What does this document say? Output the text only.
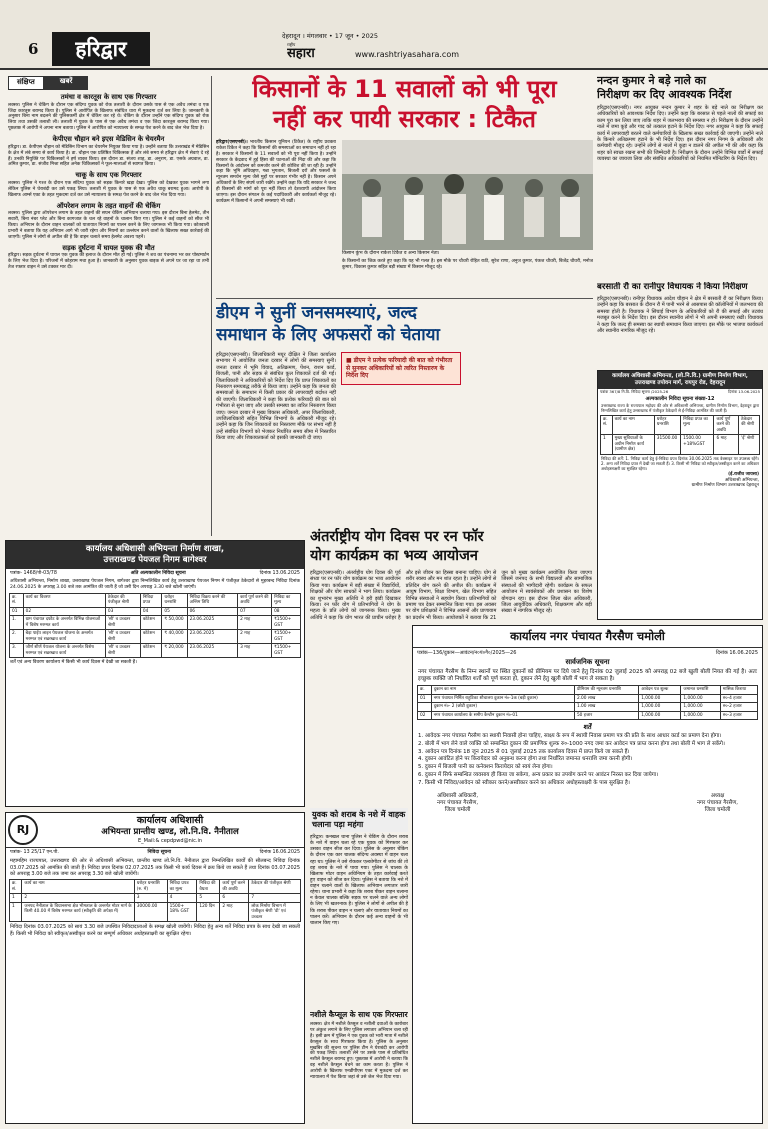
6	हरिद्वार
देहरादून । मंगलवार • 17 जून • 2025
राष्ट्रीय
सहारा	www.rashtriyasahara.com
संक्षिप्त	खबरें
तमंचा व कारतूस के साथ एक गिरफ्तार
लक्सर। पुलिस ने चेकिंग के दौरान एक संदिग्ध युवक को रोक तलाशी के दौरान उसके पास से एक अवैध तमंचा व एक जिंदा कारतूस बरामद किया है। पुलिस ने आरोपित के खिलाफ संबंधित धारा में मुकदमा दर्ज कर लिया है। जानकारी के अनुसार बिना नाम बदलने की पुलिसकर्मी क्षेत्र में चेकिंग कर रहे थे। चेकिंग के दौरान उन्होंने एक संदिग्ध युवक को रोक लिया तथा उसकी तलाशी ली। तलाशी में युवक के पास से एक अवैध तमंचा व एक जिंदा कारतूस बरामद किया गया। पूछताछ में आरोपी ने अपना नाम बताया। पुलिस ने आरोपित को न्यायालय के समक्ष पेश करने के बाद जेल भेज दिया है।
केपीएस चौहान बने इएस मेडिसिन के चेयरमैन
हरिद्वार। डा. केपीएस चौहान को मेडिसिन विभाग का चेयरमैन नियुक्त किया गया है। उन्होंने बताया कि उत्तराखंड में मेडिसिन के क्षेत्र में लंबे समय से कार्य किया है। डा. चौहान एक प्रतिष्ठित चिकित्सक हैं और लंबे समय से हरिद्वार क्षेत्र में सेवाएं दे रहे हैं। उनकी नियुक्ति पर चिकित्सकों ने हर्ष व्यक्त किया। इस दौरान डा. संजय शाह, डा. अनुराग, डा. एसके अग्रवाल, डा. अमित कुमार, डा. संजीव मिश्रा सहित अनेक चिकित्सकों ने फूल-मालाओं से स्वागत किया।
चाकू के साथ एक गिरफ्तार
लक्सर। पुलिस ने गश्त के दौरान एक संदिग्ध युवक को सड़क किनारे खड़ा देखा। पुलिस को देखकर युवक भागने लगा लेकिन पुलिस ने घेराबंदी कर उसे पकड़ लिया। तलाशी में युवक के पास से एक अवैध चाकू बरामद हुआ। आरोपी के खिलाफ आर्म्स एक्ट के तहत मुकदमा दर्ज कर उसे न्यायालय के समक्ष पेश करने के बाद जेल भेज दिया गया।
ऑपरेशन लगाम के तहत वाहनों की चेकिंग
लक्सर। पुलिस द्वारा ऑपरेशन लगाम के तहत वाहनों की सघन चेकिंग अभियान चलाया गया। इस दौरान बिना हेलमेट, तीन सवारी, बिना नंबर प्लेट और बिना कागजात के चल रहे वाहनों के चालान किए गए। पुलिस ने कई वाहनों को सीज भी किया। अभियान के दौरान वाहन चालकों को यातायात नियमों का पालन करने के लिए जागरूक भी किया गया। कोतवाली प्रभारी ने बताया कि यह अभियान आगे भी जारी रहेगा और नियमों का उल्लंघन करने वालों के खिलाफ सख्त कार्रवाई की जाएगी। पुलिस ने लोगों से अपील की है कि वाहन चलाते समय हेलमेट अवश्य पहनें।
सड़क दुर्घटना में घायल युवक की मौत
हरिद्वार। सड़क दुर्घटना में घायल एक युवक की इलाज के दौरान मौत हो गई। पुलिस ने शव का पंचनामा भर कर पोस्टमार्टम के लिए भेज दिया है। परिजनों में कोहराम मचा हुआ है। जानकारी के अनुसार युवक बाइक से अपने घर जा रहा था तभी तेज रफ्तार वाहन ने उसे टक्कर मार दी।
कार्यालय अधिशासी अभियन्ता निर्माण शाखा,
उत्तराखण्ड पेयजल निगम बागेश्वर
पत्रांक- 1468/पी-03/78	अति अल्पकालीन निविदा सूचना	दिनांक 13.06.2025
अधिशासी अभियन्ता, निर्माण शाखा, उत्तराखण्ड पेयजल निगम, बागेश्वर द्वारा निम्नलिखित कार्य हेतु उत्तराखण्ड पेयजल निगम में पंजीकृत ठेकेदारों से मुहरबन्द निविदा दिनांक 24.06.2025 के अपराह्न 3.00 बजे तक आमंत्रित की जाती हैं जो उसी दिन अपराह्न 3.30 बजे खोली जाएंगी।
क्र. सं.	कार्य का विवरण	ठेकेदार की पंजीकृत श्रेणी	निविदा प्रपत्र	धरोहर धनराशि	निविदा विक्रय करने की अन्तिम तिथि	कार्य पूर्ण करने की अवधि	निविदा का मूल्य
01	02	03	04	05	06	07	08
1.	ग्राम पंचायत दफौट के अन्तर्गत विभिन्न योजनाओं में विशेष मरम्मत कार्य	'सी' व उच्चतर श्रेणी	कोटेशन	₹ 50,000	23.06.2025	2 माह	₹1500+ GST
2.	बैड़ा पाईप लाइन पेयजल योजना के अन्तर्गत मरम्मत एवं रखरखाव कार्य	'सी' व उच्चतर श्रेणी	कोटेशन	₹ 40,000	23.06.2025	2 माह	₹1500+ GST
3.	जीर्ण शीर्ण पेयजल योजना के अन्तर्गत विशेष मरम्मत एवं रखरखाव कार्य	'सी' व उच्चतर श्रेणी	कोटेशन	₹ 20,000	23.06.2025	3 माह	₹1500+ GST
शर्तें एवं अन्य विवरण कार्यालय में किसी भी कार्य दिवस में देखी जा सकती हैं।
RJ
कार्यालय अधिशासी
अभियन्ता प्रान्तीय खण्ड, लो.नि.वि. नैनीताल
E_Mail:& cepdpwd@nic.in
पत्रांक- 13 25/17 एन.पी.	निविदा सूचना	दिनांक 16.06.2025
महामहिम राज्यपाल, उत्तराखण्ड की ओर से अधिशासी अभियन्ता, प्रान्तीय खण्ड लो.नि.वि. नैनीताल द्वारा निम्नलिखित कार्यों की सीलबन्द निविदा दिनांक 03.07.2025 को आमंत्रित की जाती हैं। निविदा प्रपत्र दिनांक 02.07.2025 तक किसी भी कार्य दिवस में क्रय किये जा सकते हैं तथा दिनांक 03.07.2025 को अपराह्न 3.00 बजे तक जमा कर अपराह्न 3.30 बजे खोली जायेंगी।
क्र. सं.	कार्य का नाम	धरोहर धनराशि (रु. में)	निविदा प्रपत्र का मूल्य	निविदा की वैधता	कार्य पूर्ण करने की अवधि	ठेकेदार की पंजीकृत श्रेणी
1	2	3	4	5	6	7
1	जनपद नैनीताल के विधानसभा क्षेत्र भीमताल के अन्तर्गत मोटर मार्ग के किमी 40.00 में विशेष मरम्मत कार्य (स्वीकृति की अपेक्षा में)	30000.00	1500+ 18% GST	120 दिन	2 माह	लोक निर्माण विभाग में पंजीकृत श्रेणी 'डी' एवं उच्चतर
निविदा दिनांक 03.07.2025 को सायं 3.30 बजे उपस्थित निविदादाताओं के समक्ष खोली जायेंगी। निविदा हेतु अन्य शर्तें निविदा प्रपत्र के साथ देखी जा सकती हैं। किसी भी निविदा को स्वीकृत/अस्वीकृत करने का सम्पूर्ण अधिकार अधोहस्ताक्षरी का सुरक्षित रहेगा।
किसानों के 11 सवालों को भी पूरा
नहीं कर पायी सरकार : टिकैत
हरिद्वार(एसएनबी)। भारतीय किसान यूनियन (टिकैत) के राष्ट्रीय प्रवक्ता राकेश टिकैत ने कहा कि किसानों की समस्याओं का समाधान नहीं हो रहा है। सरकार ने किसानों के 11 सवालों को भी पूरा नहीं किया है। उन्होंने सरकार के केंद्रवाद में हुई हिंसा की घटनाओं की निंदा की और कहा कि किसानों के आंदोलन को कमजोर करने की कोशिश की जा रही है। उन्होंने कहा कि भूमि अधिग्रहण, गन्ना भुगतान, बिजली दरों और फसलों के न्यूनतम समर्थन मूल्य जैसे मुद्दों पर सरकार गंभीर नहीं है। किसान अपने अधिकारों के लिए संघर्ष जारी रखेंगे। उन्होंने कहा कि यदि सरकार ने जल्द ही किसानों की मांगों को पूरा नहीं किया तो देशव्यापी आंदोलन किया जाएगा। इस दौरान संगठन के कई पदाधिकारी और कार्यकर्ता मौजूद रहे। कार्यक्रम में किसानों ने अपनी समस्याएं भी रखीं।
किसान कुंभ के दौरान राकेश टिकैत व अन्य किसान नेता।
के किसानों का जिक्र करते हुए कहा कि यह भी गलत है। इस मौके पर चौधरी रोहित राठी, सुरेश राणा, अनुज कुमार, पंकज चौधरी, बिजेंद्र चौधरी, मनोज कुमार, विकास कुमार सहित बड़ी संख्या में किसान मौजूद रहे।
नन्दन कुमार ने बड़े नाले का
निरीक्षण कर दिए आवश्यक निर्देश
हरिद्वार(एसएनबी)। नगर आयुक्त नन्दन कुमार ने शहर के बड़े नाले का निरीक्षण कर अधिकारियों को आवश्यक निर्देश दिए। उन्होंने कहा कि बरसात से पहले नालों की सफाई का काम पूरा कर लिया जाए ताकि शहर में जलभराव की समस्या न हो। निरीक्षण के दौरान उन्होंने नाले में जमा कूड़े और गाद को तत्काल हटाने के निर्देश दिए। नगर आयुक्त ने कहा कि सफाई कार्य में लापरवाही बरतने वाले कर्मचारियों के खिलाफ सख्त कार्रवाई की जाएगी। उन्होंने नाले के किनारे अतिक्रमण हटाने के भी निर्देश दिए। इस दौरान नगर निगम के अधिकारी और कर्मचारी मौजूद रहे। उन्होंने लोगों से नालों में कूड़ा न डालने की अपील भी की और कहा कि शहर को स्वच्छ रखना सभी की जिम्मेदारी है। निरीक्षण के दौरान उन्होंने विभिन्न वार्डों में सफाई व्यवस्था का जायजा लिया और संबंधित अधिकारियों को नियमित मॉनिटरिंग के निर्देश दिए।
डीएम ने सुनीं जनसमस्याएं, जल्द
समाधान के लिए अफसरों को चेताया
हरिद्वार(एसएनबी)। जिलाधिकारी मयूर दीक्षित ने जिला कार्यालय सभागार में आयोजित जनता दरबार में लोगों की समस्याएं सुनीं। जनता दरबार में भूमि विवाद, अतिक्रमण, पेंशन, राशन कार्ड, बिजली, पानी और सड़क से संबंधित कुल शिकायतें दर्ज की गईं। जिलाधिकारी ने अधिकारियों को निर्देश दिए कि प्राप्त शिकायतों का निस्तारण समयबद्ध तरीके से किया जाए। उन्होंने कहा कि जनता की समस्याओं के समाधान में किसी प्रकार की लापरवाही बर्दाश्त नहीं की जाएगी। जिलाधिकारी ने कहा कि प्रत्येक फरियादी की बात को गंभीरता से सुना जाए और उसकी समस्या का त्वरित निस्तारण किया जाए। जनता दरबार में मुख्य विकास अधिकारी, अपर जिलाधिकारी, उपजिलाधिकारी सहित विभिन्न विभागों के अधिकारी मौजूद रहे। उन्होंने कहा कि जिन शिकायतों का निस्तारण मौके पर संभव नहीं है उन्हें संबंधित विभागों को भेजकर निर्धारित समय सीमा में निस्तारित किया जाए और शिकायतकर्ता को इसकी जानकारी दी जाए।
■ डीएम ने प्रत्येक फरियादी की बात को गंभीरता से सुनकर अधिकारियों को त्वरित निस्तारण के निर्देश दिए
बरसाती रौ का रानीपुर विधायक ने किया निरीक्षण
हरिद्वार(एसएनबी)। रानीपुर विधायक आदेश चौहान ने क्षेत्र में बरसाती रौ का निरीक्षण किया। उन्होंने कहा कि बरसात के दौरान रौ में पानी भरने से आसपास की कॉलोनियों में जलभराव की समस्या होती है। विधायक ने सिंचाई विभाग के अधिकारियों को रौ की सफाई और तटबंध मजबूत करने के निर्देश दिए। इस दौरान स्थानीय लोगों ने भी अपनी समस्याएं रखीं। विधायक ने कहा कि जल्द ही समस्या का स्थायी समाधान किया जाएगा। इस मौके पर भाजपा कार्यकर्ता और स्थानीय नागरिक मौजूद रहे।
कार्यालय अधिशासी अभियन्ता, (लो.नि.वि.) ग्रामीण निर्माण विभाग,
उत्तराखण्ड तपोवन मार्ग, रायपुर रोड, देहरादून
पत्रांक 367/8 नि.वि. निविदा सूचना /2025-26	दिनांक 13.06.2025
अल्पकालीन निविदा सूचना संख्या-12
उत्तराखण्ड राज्य के राज्यपाल महोदय की ओर से अधिशासी अभियन्ता, ग्रामीण निर्माण विभाग, देहरादून द्वारा निम्नलिखित कार्य हेतु उत्तराखण्ड में पंजीकृत ठेकेदारों से ई-निविदा आमंत्रित की जाती हैं।
क्र. सं.	कार्य का नाम	धरोहर धनराशि	निविदा प्रपत्र का मूल्य	कार्य पूर्ण करने की अवधि	ठेकेदार की श्रेणी
1	मुख्य सुविधाओं के अधीन निर्माण कार्य (ग्रामीण क्षेत्र)	31500.00	1500.00 +18%GST	6 माह	'ई' श्रेणी
निविदा की शर्तें: 1. निविदा कार्य हेतु ई-निविदा प्रपत्र दिनांक 30.06.2025 तक वेबसाइट पर उपलब्ध रहेंगे। 2. अन्य शर्तें निविदा प्रपत्र में देखी जा सकती हैं। 3. किसी भी निविदा को स्वीकृत/अस्वीकृत करने का अधिकार अधोहस्ताक्षरी का सुरक्षित रहेगा।
(ई.राजीव जायसा)
अधिशासी अभियन्ता,
ग्रामीण निर्माण विभाग उत्तराखण्ड देहरादून
अंतर्राष्ट्रीय योग दिवस पर रन फॉर
योग कार्यक्रम का भव्य आयोजन
हरिद्वार(एसएनबी)। अंतर्राष्ट्रीय योग दिवस की पूर्व संध्या पर रन फॉर योग कार्यक्रम का भव्य आयोजन किया गया। कार्यक्रम में बड़ी संख्या में विद्यार्थियों, शिक्षकों और योग साधकों ने भाग लिया। कार्यक्रम का शुभारंभ मुख्य अतिथि ने हरी झंडी दिखाकर किया। रन फॉर योग में प्रतिभागियों ने योग के महत्व के प्रति लोगों को जागरूक किया। मुख्य अतिथि ने कहा कि योग भारत की प्राचीन धरोहर है और इसे जीवन का हिस्सा बनाना चाहिए। योग से शरीर स्वस्थ और मन शांत रहता है। उन्होंने लोगों से प्रतिदिन योग करने की अपील की। कार्यक्रम में आयुष विभाग, शिक्षा विभाग, खेल विभाग सहित विभिन्न संस्थाओं ने सहयोग किया। प्रतिभागियों को प्रमाण पत्र देकर सम्मानित किया गया। इस अवसर पर योग प्रशिक्षकों ने विभिन्न आसनों और प्राणायाम का प्रदर्शन भी किया। आयोजकों ने बताया कि 21 जून को मुख्य कार्यक्रम आयोजित किया जाएगा जिसमें जनपद के सभी विद्यालयों और सामाजिक संस्थाओं की भागीदारी रहेगी। कार्यक्रम के सफल आयोजन में स्वयंसेवकों और प्रशासन का विशेष योगदान रहा। इस दौरान जिला खेल अधिकारी, जिला आयुर्वेदिक अधिकारी, शिक्षकगण और बड़ी संख्या में नागरिक मौजूद रहे।
कार्यालय नगर पंचायत गैरसैण चमोली
पत्रांक—136/दुकान—आवंटन/न०पं०गै०/2025—26	दिनांक 16.06.2025
सार्वजनिक सूचना
नगर पंचायत गैरसैण के निम्न स्थानों पर स्थित दुकानों को प्रीमियम पर दिये जाने हेतु दिनांक 02 जुलाई 2025 को अपराह्न 02 बजे खुली बोली नियत की गई है। अतः इच्छुक व्यक्ति जो निर्धारित शर्तों को पूर्ण करता हो, दुकान लेने हेतु खुली बोली में भाग ले सकता है।
क्र.	दुकान का नाम	प्रीमियम की न्यूनतम धनराशि	आवेदन पत्र शुल्क	जमानत धनराशि	मासिक किराया
01	नगर पंचायत निर्मित राहुटिका शौचालय दुकान नं०-1क (बड़ी दुकान)	2.00 लाख	1,000.00	1,000.00	रु०-4 हजार
	दुकान नं०- 2 (छोटी दुकान)	1.00 लाख	1,000.00	1,000.00	रु०-2 हजार
02	नगर पंचायत कार्यालय के समीप कैन्टीन दुकान नं०-01	50 हजार	1,000.00	1,000.00	रु०-3 हजार
शर्तें
1. आवेदक नगर पंचायत गैरसैण का स्थायी निवासी होना चाहिए, साक्ष्य के रूप में स्थायी निवास प्रमाण पत्र की प्रति के साथ आधार कार्ड का प्रमाण देना होगा।
2. बोली में भाग लेने वाले व्यक्ति को सम्बन्धित दुकान की प्रमाणिक शुल्क रु०-1000 नगद जमा कर आवेदन पत्र प्राप्त करना होगा तथा बोली में भाग ले सकेंगे।
3. आवेदन पत्र दिनांक 18 जून 2025 से 01 जुलाई 2025 तक कार्यालय दिवस में प्राप्त किये जा सकते हैं।
4. दुकान आवंटित होने पर किरायेदार को अनुबन्ध करना होगा तथा निर्धारित जमानत धनराशि जमा करनी होगी।
5. दुकान में बिजली पानी का कनेक्शन किरायेदार को स्वयं लेना होगा।
6. दुकान में सिर्फ सम्बन्धित व्यवसाय ही किया जा सकेगा, अन्य प्रकार का उपयोग करने पर आवंटन निरस्त कर दिया जायेगा।
7. किसी भी निविदा/आवेदन को स्वीकार करने/अस्वीकार करने का अधिकार अधोहस्ताक्षरी के पास सुरक्षित है।
अधिशासी अधिकारी,
नगर पंचायत गैरसैण,
जिला चमोली
अध्यक्ष
नगर पंचायत गैरसैण,
जिला चमोली
युवक को शराब के नशे में वाहक चलाना पड़ा महंगा
हरिद्वार। कनखल थाना पुलिस ने चेकिंग के दौरान शराब के नशे में वाहन चला रहे एक युवक को गिरफ्तार कर उसका वाहन सीज कर दिया। पुलिस के अनुसार चेकिंग के दौरान एक कार चालक संदिग्ध अवस्था में वाहन चला रहा था। पुलिस ने उसे रोककर एल्कोमीटर से जांच की तो वह शराब के नशे में पाया गया। पुलिस ने चालक के खिलाफ मोटर वाहन अधिनियम के तहत कार्रवाई करते हुए वाहन को सीज कर दिया। पुलिस ने बताया कि नशे में वाहन चलाने वालों के खिलाफ अभियान लगातार जारी रहेगा। थाना प्रभारी ने कहा कि शराब पीकर वाहन चलाना न केवल चालक बल्कि सड़क पर चलने वाले अन्य लोगों के लिए भी खतरनाक है। पुलिस ने लोगों से अपील की है कि शराब पीकर वाहन न चलाएं और यातायात नियमों का पालन करें। अभियान के दौरान कई अन्य वाहनों के भी चालान किए गए।
नशीले कैप्सूल के साथ एक गिरफ्तार
लक्सर। क्षेत्र में नशीले कैप्सूल व नशीली दवाओं के कारोबार पर अंकुश लगाने के लिए पुलिस लगातार अभियान चला रही है। इसी क्रम में पुलिस ने एक युवक को भारी मात्रा में नशीले कैप्सूल के साथ गिरफ्तार किया है। पुलिस के अनुसार मुखबिर की सूचना पर पुलिस टीम ने घेराबंदी कर आरोपी को पकड़ लिया। तलाशी लेने पर उसके पास से प्रतिबंधित नशीले कैप्सूल बरामद हुए। पूछताछ में आरोपी ने बताया कि वह नशीले कैप्सूल बेचने का काम करता है। पुलिस ने आरोपी के खिलाफ एनडीपीएस एक्ट में मुकदमा दर्ज कर न्यायालय में पेश किया जहां से उसे जेल भेज दिया गया।
